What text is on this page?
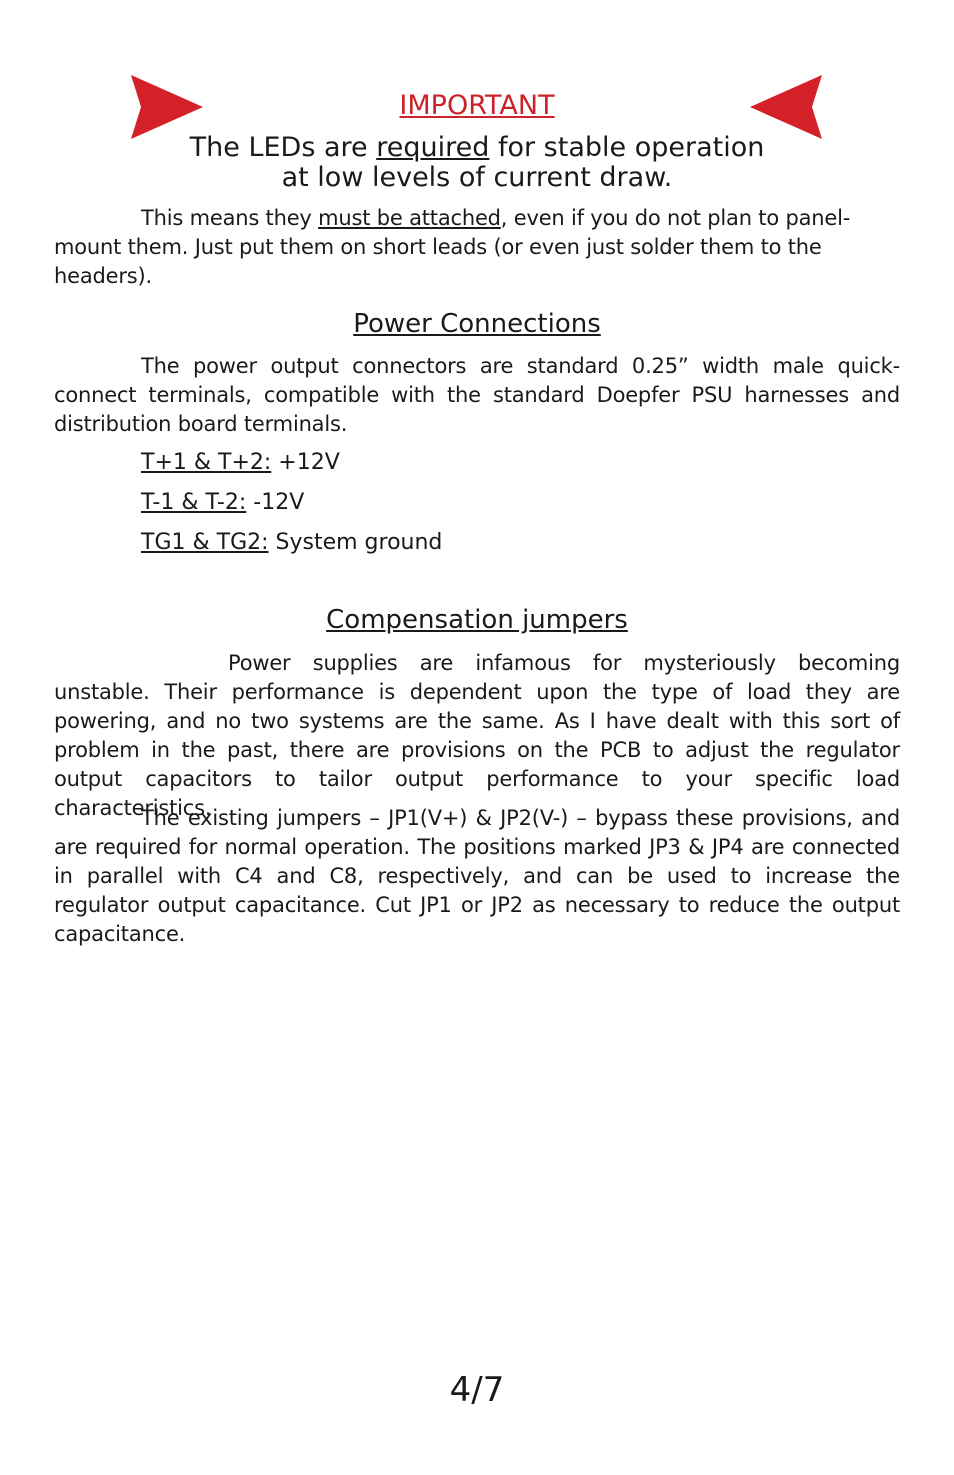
IMPORTANT
The LEDs are required for stable operation
at low levels of current draw.
This means they must be attached, even if you do not plan to panel-mount them. Just put them on short leads (or even just solder them to the headers).
Power Connections
The power output connectors are standard 0.25” width male quick-connect terminals, compatible with the standard Doepfer PSU harnesses and distribution board terminals.
T+1 & T+2: +12V
T-1 & T-2: -12V
TG1 & TG2: System ground
Compensation jumpers
Power supplies are infamous for mysteriously becoming unstable. Their performance is dependent upon the type of load they are powering, and no two systems are the same. As I have dealt with this sort of problem in the past, there are provisions on the PCB to adjust the regulator output capacitors to tailor output performance to your specific load characteristics.
The existing jumpers – JP1(V+) & JP2(V-) – bypass these provisions, and are required for normal operation. The positions marked JP3 & JP4 are connected in parallel with C4 and C8, respectively, and can be used to increase the regulator output capacitance. Cut JP1 or JP2 as necessary to reduce the output capacitance.
4/7
